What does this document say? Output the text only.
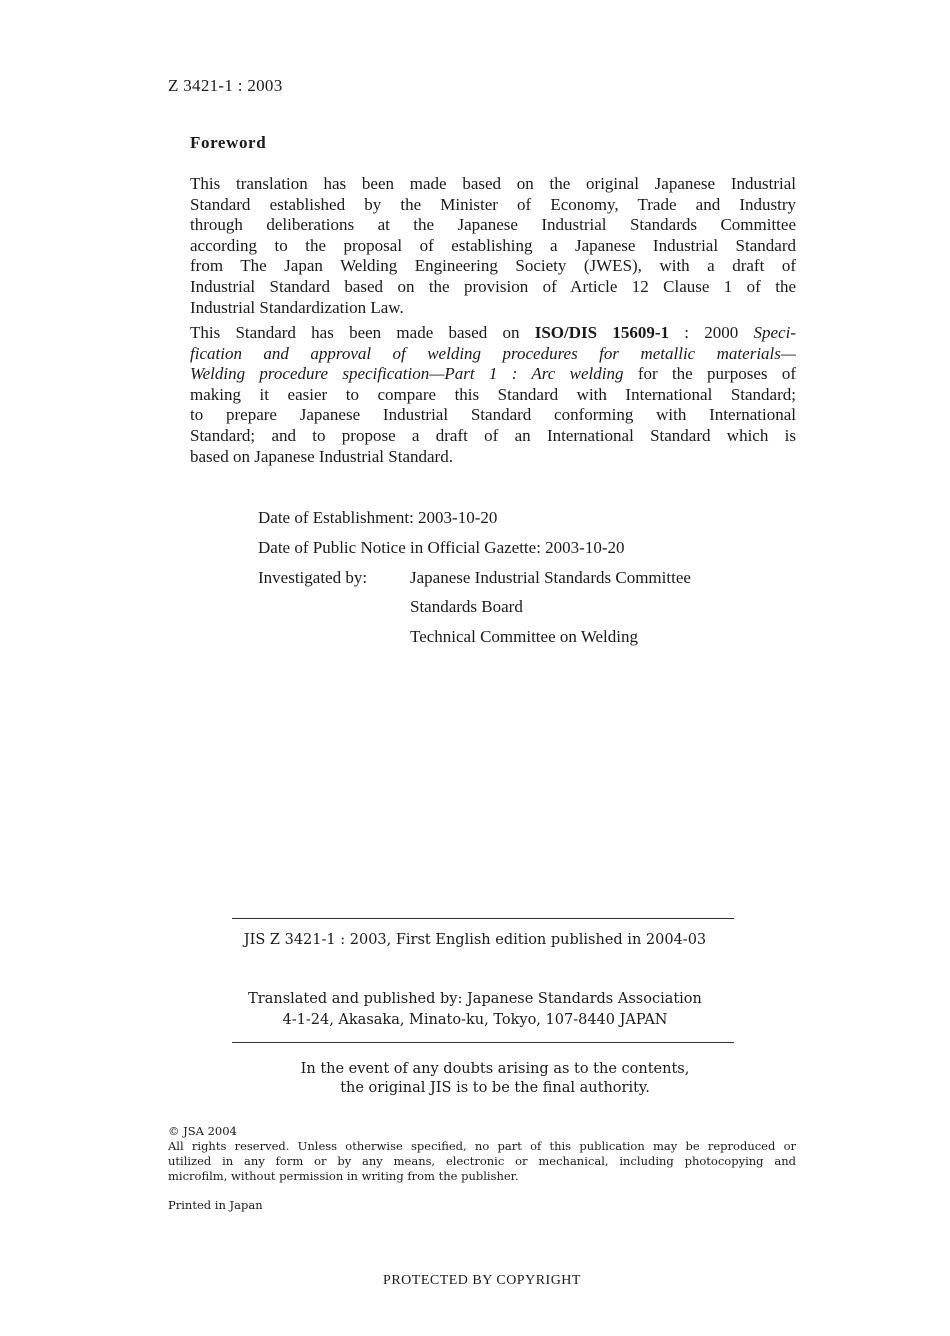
Z 3421-1 : 2003
Foreword
This translation has been made based on the original Japanese Industrial
Standard established by the Minister of Economy, Trade and Industry
through deliberations at the Japanese Industrial Standards Committee
according to the proposal of establishing a Japanese Industrial Standard
from The Japan Welding Engineering Society (JWES), with a draft of
Industrial Standard based on the provision of Article 12 Clause 1 of the
Industrial Standardization Law.
This Standard has been made based on ISO/DIS 15609-1 : 2000 Speci-
fication and approval of welding procedures for metallic materials—
Welding procedure specification—Part 1 : Arc welding for the purposes of
making it easier to compare this Standard with International Standard;
to prepare Japanese Industrial Standard conforming with International
Standard; and to propose a draft of an International Standard which is
based on Japanese Industrial Standard.
Date of Establishment: 2003-10-20
Date of Public Notice in Official Gazette: 2003-10-20
Investigated by:	Japanese Industrial Standards Committee
Standards Board
Technical Committee on Welding
JIS Z 3421-1 : 2003, First English edition published in 2004-03
Translated and published by: Japanese Standards Association
4-1-24, Akasaka, Minato-ku, Tokyo, 107-8440 JAPAN
In the event of any doubts arising as to the contents,
the original JIS is to be the final authority.
© JSA 2004
All rights reserved. Unless otherwise specified, no part of this publication may be reproduced or
utilized in any form or by any means, electronic or mechanical, including photocopying and
microfilm, without permission in writing from the publisher.
Printed in Japan
PROTECTED BY COPYRIGHT
